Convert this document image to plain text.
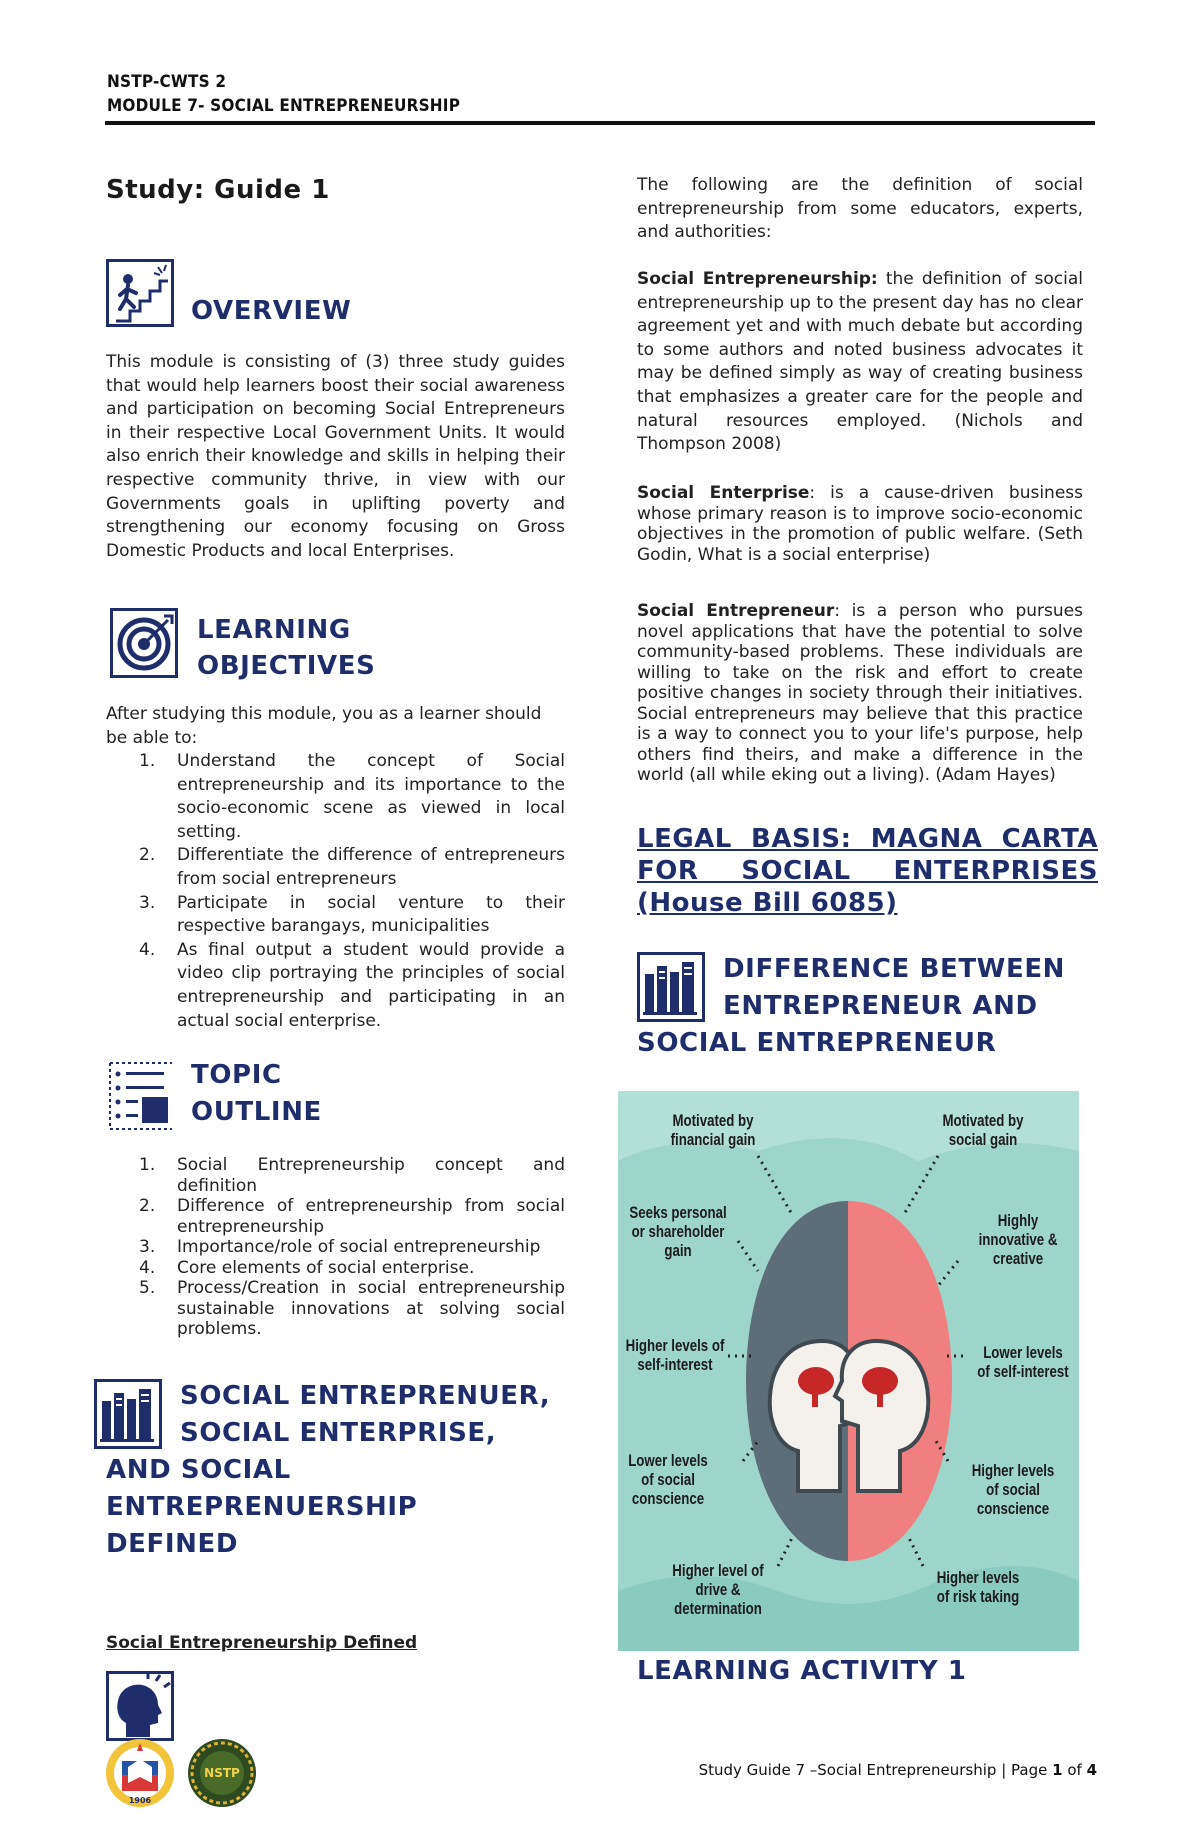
NSTP-CWTS 2
MODULE 7- SOCIAL ENTREPRENEURSHIP
Study: Guide 1
OVERVIEW
This module is consisting of (3) three study guides that would help learners boost their social awareness and participation on becoming Social Entrepreneurs in their respective Local Government Units. It would also enrich their knowledge and skills in helping their respective community thrive, in view with our Governments goals in uplifting poverty and strengthening our economy focusing on Gross Domestic Products and local Enterprises.
LEARNING
OBJECTIVES
After studying this module, you as a learner should be able to:
1. Understand the concept of Social entrepreneurship and its importance to the socio-economic scene as viewed in local setting.
2. Differentiate the difference of entrepreneurs from social entrepreneurs
3. Participate in social venture to their respective barangays, municipalities
4. As final output a student would provide a video clip portraying the principles of social entrepreneurship and participating in an actual social enterprise.
TOPIC
OUTLINE
1. Social Entrepreneurship concept and definition
2. Difference of entrepreneurship from social entrepreneurship
3. Importance/role of social entrepreneurship
4. Core elements of social enterprise.
5. Process/Creation in social entrepreneurship sustainable innovations at solving social problems.
SOCIAL ENTREPRENUER,
SOCIAL ENTERPRISE,
AND SOCIAL
ENTREPRENUERSHIP
DEFINED
Social Entrepreneurship Defined
1906
NSTP
The following are the definition of social entrepreneurship from some educators, experts, and authorities:
Social Entrepreneurship: the definition of social entrepreneurship up to the present day has no clear agreement yet and with much debate but according to some authors and noted business advocates it may be defined simply as way of creating business that emphasizes a greater care for the people and natural resources employed. (Nichols and Thompson 2008)
Social Enterprise: is a cause-driven business whose primary reason is to improve socio-economic objectives in the promotion of public welfare. (Seth Godin, What is a social enterprise)
Social Entrepreneur: is a person who pursues novel applications that have the potential to solve community-based problems. These individuals are willing to take on the risk and effort to create positive changes in society through their initiatives. Social entrepreneurs may believe that this practice is a way to connect you to your life's purpose, help others find theirs, and make a difference in the world (all while eking out a living). (Adam Hayes)
LEGAL BASIS: MAGNA CARTA FOR SOCIAL ENTERPRISES (House Bill 6085)
DIFFERENCE BETWEEN
ENTREPRENEUR AND
SOCIAL ENTREPRENEUR
Motivated by financial gain
Seeks personal or shareholder gain
Higher levels of self-interest
Lower levels of social conscience
Higher level of drive & determination
Motivated by social gain
Highly innovative & creative
Lower levels of self-interest
Higher levels of social conscience
Higher levels of risk taking
LEARNING ACTIVITY 1
Study Guide 7 –Social Entrepreneurship | Page 1 of 4
